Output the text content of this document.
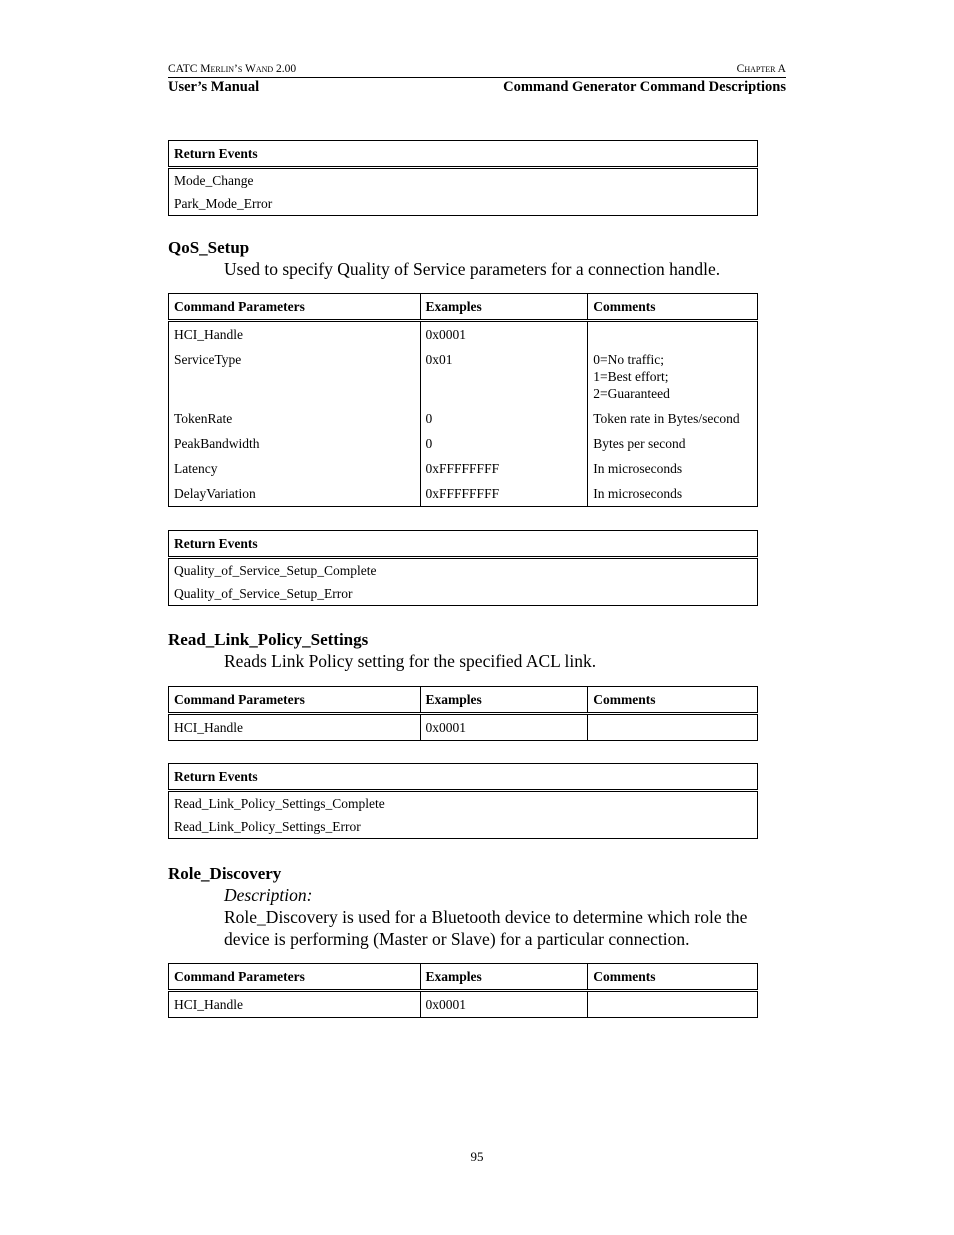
CATC Merlin’s Wand 2.00	Chapter A
User’s Manual	Command Generator Command Descriptions
Return Events
Mode_Change
Park_Mode_Error
QoS_Setup
Used to specify Quality of Service parameters for a connection handle.
Command Parameters	Examples	Comments
HCI_Handle	0x0001	
ServiceType	0x01	0=No traffic;
1=Best effort;
2=Guaranteed
TokenRate	0	Token rate in Bytes/second
PeakBandwidth	0	Bytes per second
Latency	0xFFFFFFFF	In microseconds
DelayVariation	0xFFFFFFFF	In microseconds
Return Events
Quality_of_Service_Setup_Complete
Quality_of_Service_Setup_Error
Read_Link_Policy_Settings
Reads Link Policy setting for the specified ACL link.
Command Parameters	Examples	Comments
HCI_Handle	0x0001	
Return Events
Read_Link_Policy_Settings_Complete
Read_Link_Policy_Settings_Error
Role_Discovery
Description:
Role_Discovery is used for a Bluetooth device to determine which role the
device is performing (Master or Slave) for a particular connection.
Command Parameters	Examples	Comments
HCI_Handle	0x0001	
95
